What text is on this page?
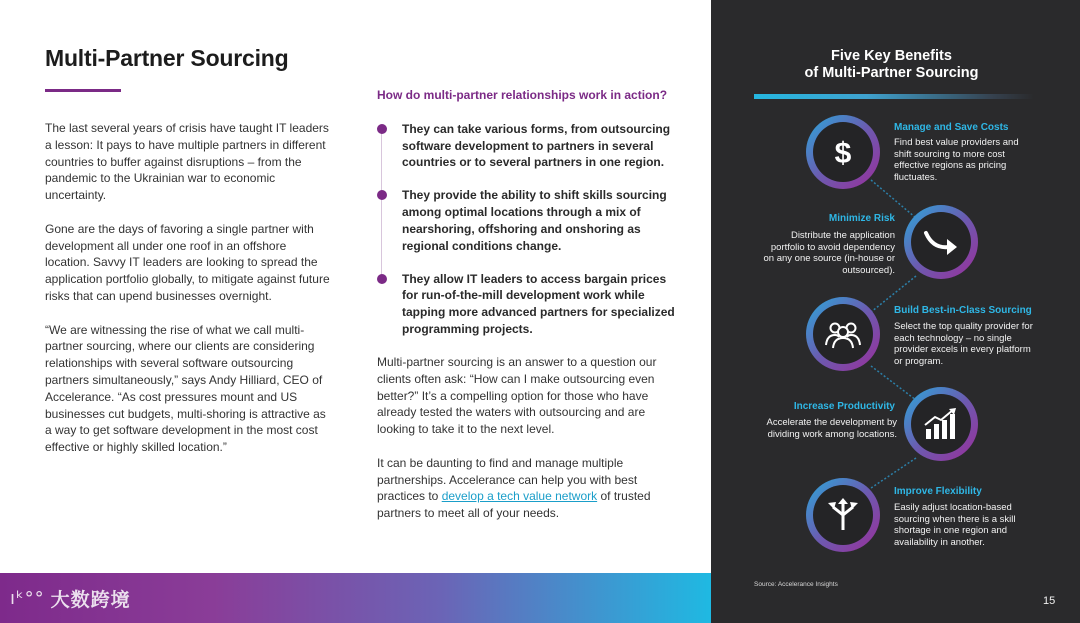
Multi-Partner Sourcing

The last several years of crisis have taught IT leaders a lesson: It pays to have multiple partners in different countries to buffer against disruptions – from the pandemic to the Ukrainian war to economic uncertainty.

Gone are the days of favoring a single partner with development all under one roof in an offshore location. Savvy IT leaders are looking to spread the application portfolio globally, to mitigate against future risks that can upend businesses overnight.

“We are witnessing the rise of what we call multi-partner sourcing, where our clients are considering relationships with several software outsourcing partners simultaneously,” says Andy Hilliard, CEO of Accelerance. “As cost pressures mount and US businesses cut budgets, multi-shoring is attractive as a way to get software development in the most cost effective or highly skilled location.”

How do multi-partner relationships work in action?
They can take various forms, from outsourcing software development to partners in several countries or to several partners in one region.
They provide the ability to shift skills sourcing among optimal locations through a mix of nearshoring, offshoring and onshoring as regional conditions change.
They allow IT leaders to access bargain prices for run-of-the-mill development work while tapping more advanced partners for specialized programming projects.

Multi-partner sourcing is an answer to a question our clients often ask: “How can I make outsourcing even better?” It’s a compelling option for those who have already tested the waters with outsourcing and are looking to take it to the next level.

It can be daunting to find and manage multiple partnerships. Accelerance can help you with best practices to develop a tech value network of trusted partners to meet all of your needs.

ıᵏ°° 大数跨境
Five Key Benefits
of Multi-Partner Sourcing
$
Manage and Save Costs
Find best value providers and shift sourcing to more cost effective regions as pricing fluctuates.
Minimize Risk
Distribute the application portfolio to avoid dependency on any one source (in-house or outsourced).
Build Best-in-Class Sourcing
Select the top quality provider for each technology – no single provider excels in every platform or program.
Increase Productivity
Accelerate the development by dividing work among locations.
Improve Flexibility
Easily adjust location-based sourcing when there is a skill shortage in one region and availability in another.
Source: Accelerance Insights
15
